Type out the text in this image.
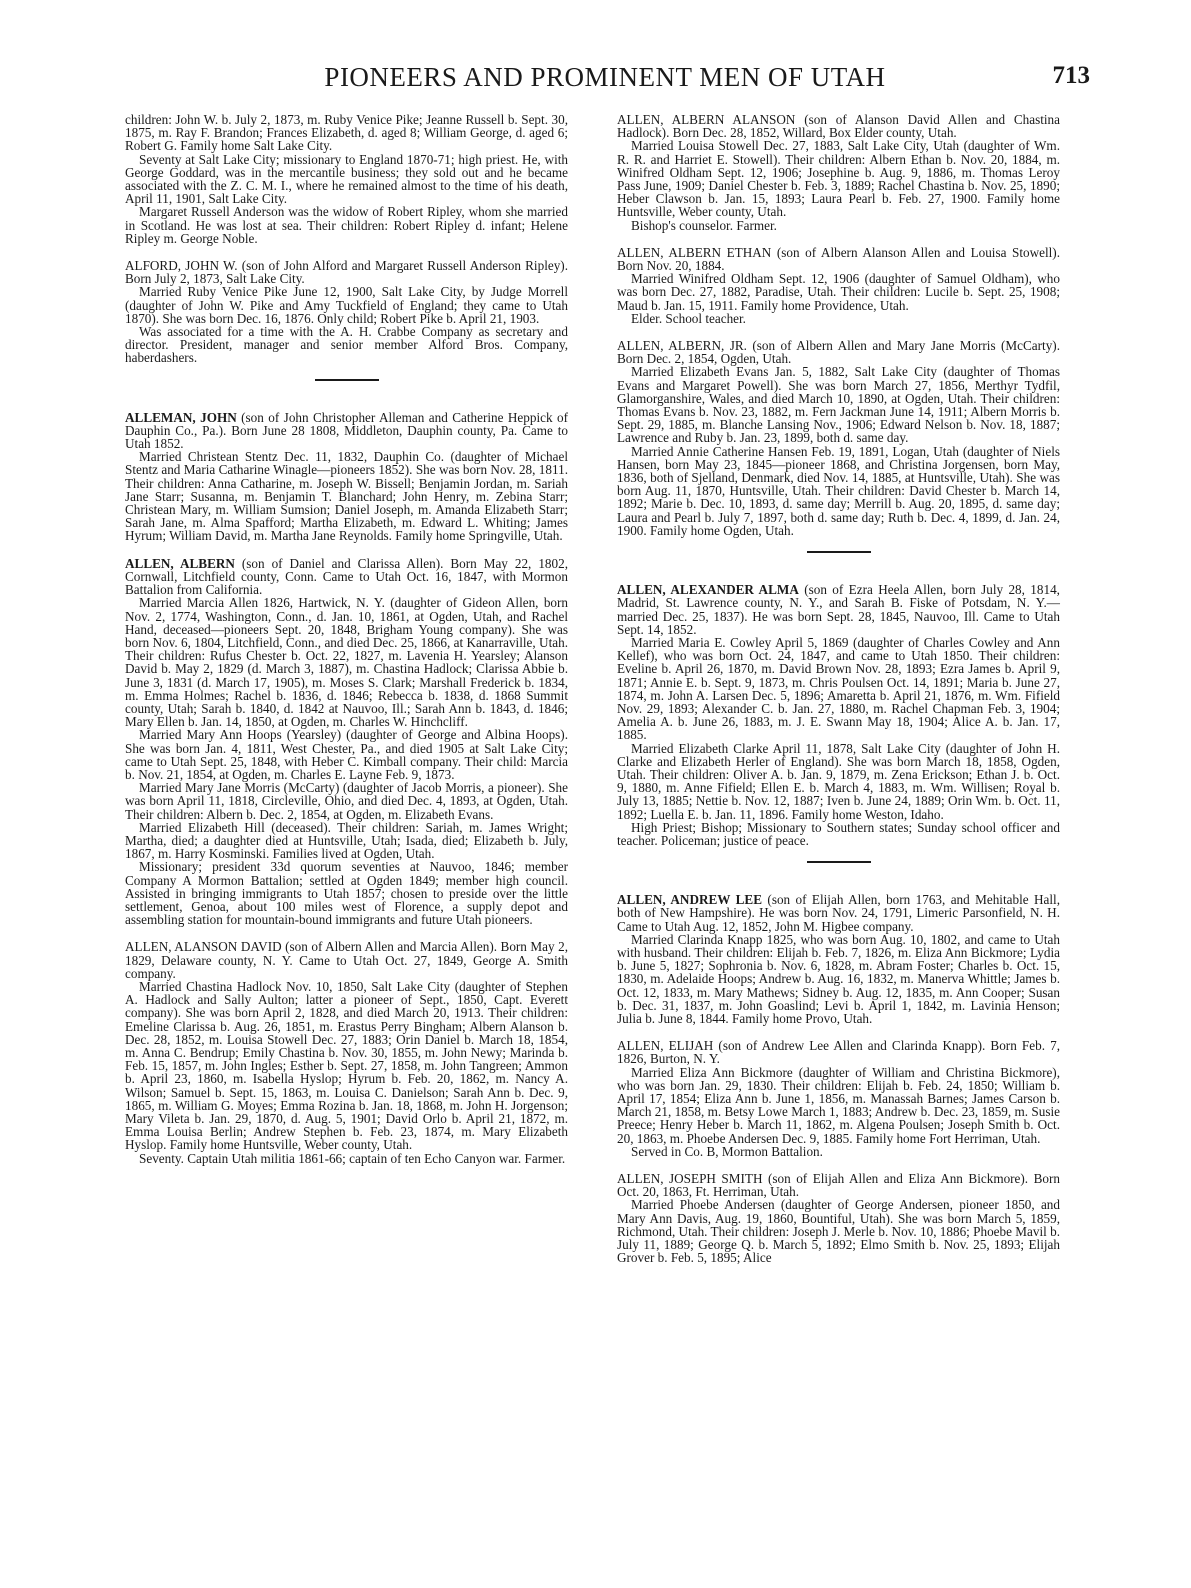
PIONEERS AND PROMINENT MEN OF UTAH	713

children: John W. b. July 2, 1873, m. Ruby Venice Pike; Jeanne Russell b. Sept. 30, 1875, m. Ray F. Brandon; Frances Elizabeth, d. aged 8; William George, d. aged 6; Robert G. Family home Salt Lake City.

Seventy at Salt Lake City; missionary to England 1870-71; high priest. He, with George Goddard, was in the mercantile business; they sold out and he became associated with the Z. C. M. I., where he remained almost to the time of his death, April 11, 1901, Salt Lake City.

Margaret Russell Anderson was the widow of Robert Ripley, whom she married in Scotland. He was lost at sea. Their children: Robert Ripley d. infant; Helene Ripley m. George Noble.

ALFORD, JOHN W. (son of John Alford and Margaret Russell Anderson Ripley). Born July 2, 1873, Salt Lake City.

Married Ruby Venice Pike June 12, 1900, Salt Lake City, by Judge Morrell (daughter of John W. Pike and Amy Tuckfield of England; they came to Utah 1870). She was born Dec. 16, 1876. Only child; Robert Pike b. April 21, 1903.

Was associated for a time with the A. H. Crabbe Company as secretary and director. President, manager and senior member Alford Bros. Company, haberdashers.

ALLEMAN, JOHN (son of John Christopher Alleman and Catherine Heppick of Dauphin Co., Pa.). Born June 28 1808, Middleton, Dauphin county, Pa. Came to Utah 1852.

Married Christean Stentz Dec. 11, 1832, Dauphin Co. (daughter of Michael Stentz and Maria Catharine Winagle—pioneers 1852). She was born Nov. 28, 1811. Their children: Anna Catharine, m. Joseph W. Bissell; Benjamin Jordan, m. Sariah Jane Starr; Susanna, m. Benjamin T. Blanchard; John Henry, m. Zebina Starr; Christean Mary, m. William Sumsion; Daniel Joseph, m. Amanda Elizabeth Starr; Sarah Jane, m. Alma Spafford; Martha Elizabeth, m. Edward L. Whiting; James Hyrum; William David, m. Martha Jane Reynolds. Family home Springville, Utah.

ALLEN, ALBERN (son of Daniel and Clarissa Allen). Born May 22, 1802, Cornwall, Litchfield county, Conn. Came to Utah Oct. 16, 1847, with Mormon Battalion from California.

Married Marcia Allen 1826, Hartwick, N. Y. (daughter of Gideon Allen, born Nov. 2, 1774, Washington, Conn., d. Jan. 10, 1861, at Ogden, Utah, and Rachel Hand, deceased—pioneers Sept. 20, 1848, Brigham Young company). She was born Nov. 6, 1804, Litchfield, Conn., and died Dec. 25, 1866, at Kanarraville, Utah. Their children: Rufus Chester b. Oct. 22, 1827, m. Lavenia H. Yearsley; Alanson David b. May 2, 1829 (d. March 3, 1887), m. Chastina Hadlock; Clarissa Abbie b. June 3, 1831 (d. March 17, 1905), m. Moses S. Clark; Marshall Frederick b. 1834, m. Emma Holmes; Rachel b. 1836, d. 1846; Rebecca b. 1838, d. 1868 Summit county, Utah; Sarah b. 1840, d. 1842 at Nauvoo, Ill.; Sarah Ann b. 1843, d. 1846; Mary Ellen b. Jan. 14, 1850, at Ogden, m. Charles W. Hinchcliff.

Married Mary Ann Hoops (Yearsley) (daughter of George and Albina Hoops). She was born Jan. 4, 1811, West Chester, Pa., and died 1905 at Salt Lake City; came to Utah Sept. 25, 1848, with Heber C. Kimball company. Their child: Marcia b. Nov. 21, 1854, at Ogden, m. Charles E. Layne Feb. 9, 1873.

Married Mary Jane Morris (McCarty) (daughter of Jacob Morris, a pioneer). She was born April 11, 1818, Circleville, Ohio, and died Dec. 4, 1893, at Ogden, Utah. Their children: Albern b. Dec. 2, 1854, at Ogden, m. Elizabeth Evans.

Married Elizabeth Hill (deceased). Their children: Sariah, m. James Wright; Martha, died; a daughter died at Huntsville, Utah; Isada, died; Elizabeth b. July, 1867, m. Harry Kosminski. Families lived at Ogden, Utah.

Missionary; president 33d quorum seventies at Nauvoo, 1846; member Company A Mormon Battalion; settled at Ogden 1849; member high council. Assisted in bringing immigrants to Utah 1857; chosen to preside over the little settlement, Genoa, about 100 miles west of Florence, a supply depot and assembling station for mountain-bound immigrants and future Utah pioneers.

ALLEN, ALANSON DAVID (son of Albern Allen and Marcia Allen). Born May 2, 1829, Delaware county, N. Y. Came to Utah Oct. 27, 1849, George A. Smith company.

Married Chastina Hadlock Nov. 10, 1850, Salt Lake City (daughter of Stephen A. Hadlock and Sally Aulton; latter a pioneer of Sept., 1850, Capt. Everett company). She was born April 2, 1828, and died March 20, 1913. Their children: Emeline Clarissa b. Aug. 26, 1851, m. Erastus Perry Bingham; Albern Alanson b. Dec. 28, 1852, m. Louisa Stowell Dec. 27, 1883; Orin Daniel b. March 18, 1854, m. Anna C. Bendrup; Emily Chastina b. Nov. 30, 1855, m. John Newy; Marinda b. Feb. 15, 1857, m. John Ingles; Esther b. Sept. 27, 1858, m. John Tangreen; Ammon b. April 23, 1860, m. Isabella Hyslop; Hyrum b. Feb. 20, 1862, m. Nancy A. Wilson; Samuel b. Sept. 15, 1863, m. Louisa C. Danielson; Sarah Ann b. Dec. 9, 1865, m. William G. Moyes; Emma Rozina b. Jan. 18, 1868, m. John H. Jorgenson; Mary Vileta b. Jan. 29, 1870, d. Aug. 5, 1901; David Orlo b. April 21, 1872, m. Emma Louisa Berlin; Andrew Stephen b. Feb. 23, 1874, m. Mary Elizabeth Hyslop. Family home Huntsville, Weber county, Utah.

Seventy. Captain Utah militia 1861-66; captain of ten Echo Canyon war. Farmer.

ALLEN, ALBERN ALANSON (son of Alanson David Allen and Chastina Hadlock). Born Dec. 28, 1852, Willard, Box Elder county, Utah.

Married Louisa Stowell Dec. 27, 1883, Salt Lake City, Utah (daughter of Wm. R. R. and Harriet E. Stowell). Their children: Albern Ethan b. Nov. 20, 1884, m. Winifred Oldham Sept. 12, 1906; Josephine b. Aug. 9, 1886, m. Thomas Leroy Pass June, 1909; Daniel Chester b. Feb. 3, 1889; Rachel Chastina b. Nov. 25, 1890; Heber Clawson b. Jan. 15, 1893; Laura Pearl b. Feb. 27, 1900. Family home Huntsville, Weber county, Utah.

Bishop's counselor. Farmer.

ALLEN, ALBERN ETHAN (son of Albern Alanson Allen and Louisa Stowell). Born Nov. 20, 1884.

Married Winifred Oldham Sept. 12, 1906 (daughter of Samuel Oldham), who was born Dec. 27, 1882, Paradise, Utah. Their children: Lucile b. Sept. 25, 1908; Maud b. Jan. 15, 1911. Family home Providence, Utah.

Elder. School teacher.

ALLEN, ALBERN, JR. (son of Albern Allen and Mary Jane Morris (McCarty). Born Dec. 2, 1854, Ogden, Utah.

Married Elizabeth Evans Jan. 5, 1882, Salt Lake City (daughter of Thomas Evans and Margaret Powell). She was born March 27, 1856, Merthyr Tydfil, Glamorganshire, Wales, and died March 10, 1890, at Ogden, Utah. Their children: Thomas Evans b. Nov. 23, 1882, m. Fern Jackman June 14, 1911; Albern Morris b. Sept. 29, 1885, m. Blanche Lansing Nov., 1906; Edward Nelson b. Nov. 18, 1887; Lawrence and Ruby b. Jan. 23, 1899, both d. same day.

Married Annie Catherine Hansen Feb. 19, 1891, Logan, Utah (daughter of Niels Hansen, born May 23, 1845—pioneer 1868, and Christina Jorgensen, born May, 1836, both of Sjelland, Denmark, died Nov. 14, 1885, at Huntsville, Utah). She was born Aug. 11, 1870, Huntsville, Utah. Their children: David Chester b. March 14, 1892; Marie b. Dec. 10, 1893, d. same day; Merrill b. Aug. 20, 1895, d. same day; Laura and Pearl b. July 7, 1897, both d. same day; Ruth b. Dec. 4, 1899, d. Jan. 24, 1900. Family home Ogden, Utah.

ALLEN, ALEXANDER ALMA (son of Ezra Heela Allen, born July 28, 1814, Madrid, St. Lawrence county, N. Y., and Sarah B. Fiske of Potsdam, N. Y.—married Dec. 25, 1837). He was born Sept. 28, 1845, Nauvoo, Ill. Came to Utah Sept. 14, 1852.

Married Maria E. Cowley April 5, 1869 (daughter of Charles Cowley and Ann Kellef), who was born Oct. 24, 1847, and came to Utah 1850. Their children: Eveline b. April 26, 1870, m. David Brown Nov. 28, 1893; Ezra James b. April 9, 1871; Annie E. b. Sept. 9, 1873, m. Chris Poulsen Oct. 14, 1891; Maria b. June 27, 1874, m. John A. Larsen Dec. 5, 1896; Amaretta b. April 21, 1876, m. Wm. Fifield Nov. 29, 1893; Alexander C. b. Jan. 27, 1880, m. Rachel Chapman Feb. 3, 1904; Amelia A. b. June 26, 1883, m. J. E. Swann May 18, 1904; Alice A. b. Jan. 17, 1885.

Married Elizabeth Clarke April 11, 1878, Salt Lake City (daughter of John H. Clarke and Elizabeth Herler of England). She was born March 18, 1858, Ogden, Utah. Their children: Oliver A. b. Jan. 9, 1879, m. Zena Erickson; Ethan J. b. Oct. 9, 1880, m. Anne Fifield; Ellen E. b. March 4, 1883, m. Wm. Willisen; Royal b. July 13, 1885; Nettie b. Nov. 12, 1887; Iven b. June 24, 1889; Orin Wm. b. Oct. 11, 1892; Luella E. b. Jan. 11, 1896. Family home Weston, Idaho.

High Priest; Bishop; Missionary to Southern states; Sunday school officer and teacher. Policeman; justice of peace.

ALLEN, ANDREW LEE (son of Elijah Allen, born 1763, and Mehitable Hall, both of New Hampshire). He was born Nov. 24, 1791, Limeric Parsonfield, N. H. Came to Utah Aug. 12, 1852, John M. Higbee company.

Married Clarinda Knapp 1825, who was born Aug. 10, 1802, and came to Utah with husband. Their children: Elijah b. Feb. 7, 1826, m. Eliza Ann Bickmore; Lydia b. June 5, 1827; Sophronia b. Nov. 6, 1828, m. Abram Foster; Charles b. Oct. 15, 1830, m. Adelaide Hoops; Andrew b. Aug. 16, 1832, m. Manerva Whittle; James b. Oct. 12, 1833, m. Mary Mathews; Sidney b. Aug. 12, 1835, m. Ann Cooper; Susan b. Dec. 31, 1837, m. John Goaslind; Levi b. April 1, 1842, m. Lavinia Henson; Julia b. June 8, 1844. Family home Provo, Utah.

ALLEN, ELIJAH (son of Andrew Lee Allen and Clarinda Knapp). Born Feb. 7, 1826, Burton, N. Y.

Married Eliza Ann Bickmore (daughter of William and Christina Bickmore), who was born Jan. 29, 1830. Their children: Elijah b. Feb. 24, 1850; William b. April 17, 1854; Eliza Ann b. June 1, 1856, m. Manassah Barnes; James Carson b. March 21, 1858, m. Betsy Lowe March 1, 1883; Andrew b. Dec. 23, 1859, m. Susie Preece; Henry Heber b. March 11, 1862, m. Algena Poulsen; Joseph Smith b. Oct. 20, 1863, m. Phoebe Andersen Dec. 9, 1885. Family home Fort Herriman, Utah.

Served in Co. B, Mormon Battalion.

ALLEN, JOSEPH SMITH (son of Elijah Allen and Eliza Ann Bickmore). Born Oct. 20, 1863, Ft. Herriman, Utah.

Married Phoebe Andersen (daughter of George Andersen, pioneer 1850, and Mary Ann Davis, Aug. 19, 1860, Bountiful, Utah). She was born March 5, 1859, Richmond, Utah. Their children: Joseph J. Merle b. Nov. 10, 1886; Phoebe Mavil b. July 11, 1889; George Q. b. March 5, 1892; Elmo Smith b. Nov. 25, 1893; Elijah Grover b. Feb. 5, 1895; Alice
